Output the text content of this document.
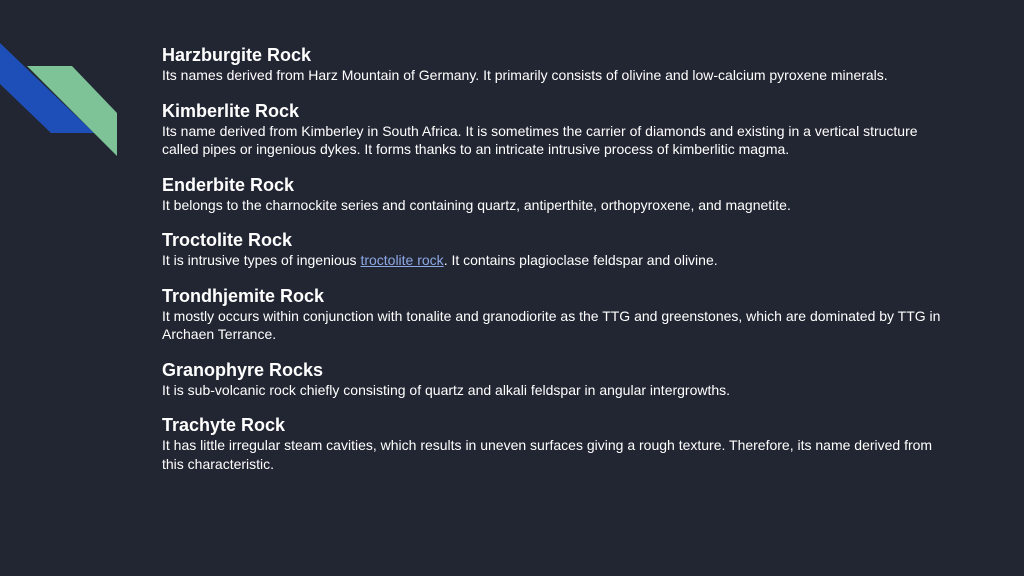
Harzburgite Rock

Its names derived from Harz Mountain of Germany. It primarily consists of olivine and low-calcium pyroxene minerals.

Kimberlite Rock

Its name derived from Kimberley in South Africa. It is sometimes the carrier of diamonds and existing in a vertical structure called pipes or ingenious dykes. It forms thanks to an intricate intrusive process of kimberlitic magma.

Enderbite Rock

It belongs to the charnockite series and containing quartz, antiperthite, orthopyroxene, and magnetite.

Troctolite Rock

It is intrusive types of ingenious troctolite rock. It contains plagioclase feldspar and olivine.

Trondhjemite Rock

It mostly occurs within conjunction with tonalite and granodiorite as the TTG and greenstones, which are dominated by TTG in Archaen Terrance.

Granophyre Rocks

It is sub-volcanic rock chiefly consisting of quartz and alkali feldspar in angular intergrowths.

Trachyte Rock

It has little irregular steam cavities, which results in uneven surfaces giving a rough texture. Therefore, its name derived from this characteristic.
